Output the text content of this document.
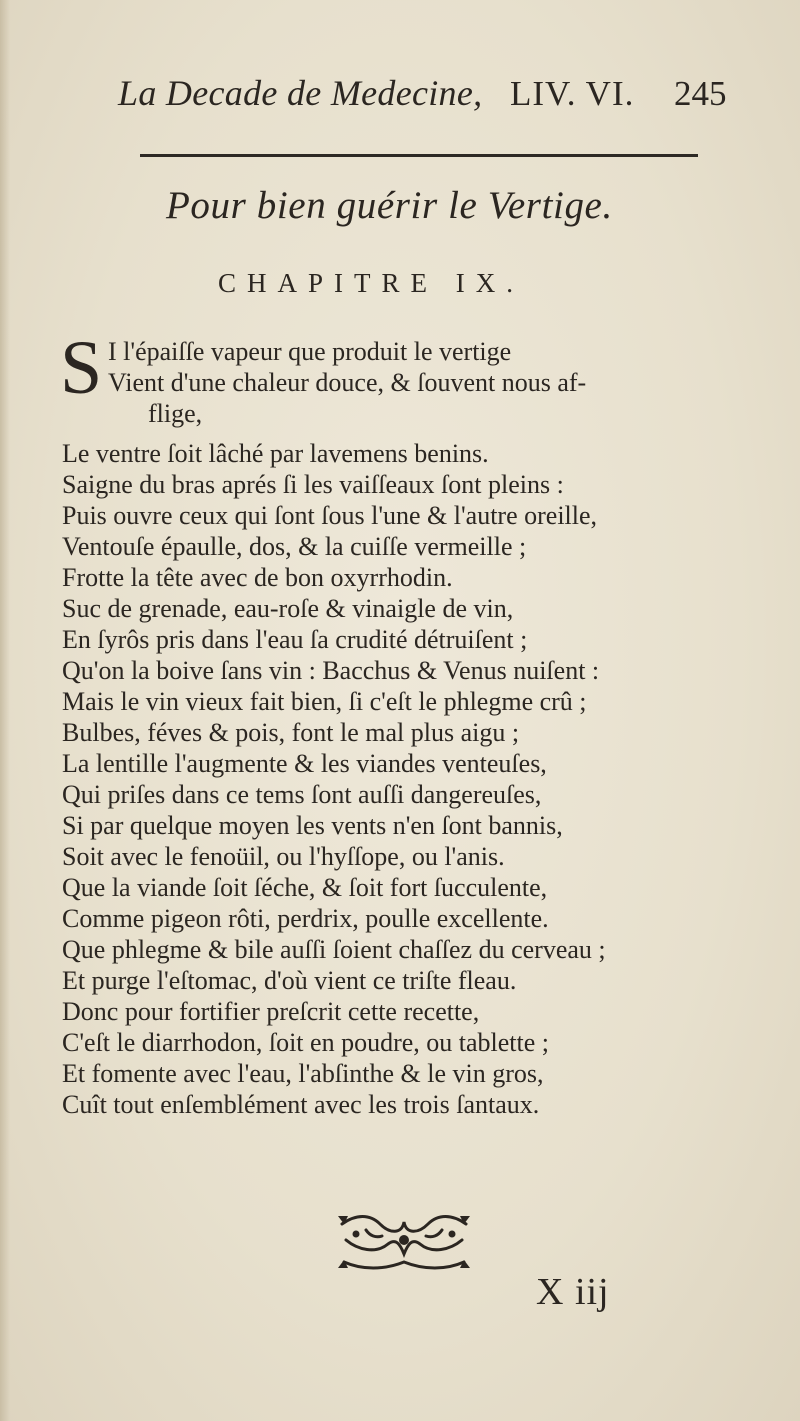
La Decade de Medecine, LIV. VI. 245
Pour bien guérir le Vertige.
CHAPITRE IX.
S I l'épaiſſe vapeur que produit le vertige

Vient d'une chaleur douce, & ſouvent nous af-

flige,

Le ventre ſoit lâché par lavemens benins.

Saigne du bras aprés ſi les vaiſſeaux ſont pleins :

Puis ouvre ceux qui ſont ſous l'une & l'autre oreille,

Ventouſe épaulle, dos, & la cuiſſe vermeille ;

Frotte la tête avec de bon oxyrrhodin.

Suc de grenade, eau-roſe & vinaigle de vin,

En ſyrôs pris dans l'eau ſa crudité détruiſent ;

Qu'on la boive ſans vin : Bacchus & Venus nuiſent :

Mais le vin vieux fait bien, ſi c'eſt le phlegme crû ;

Bulbes, féves & pois, font le mal plus aigu ;

La lentille l'augmente & les viandes venteuſes,

Qui priſes dans ce tems ſont auſſi dangereuſes,

Si par quelque moyen les vents n'en ſont bannis,

Soit avec le fenoüil, ou l'hyſſope, ou l'anis.

Que la viande ſoit ſéche, & ſoit fort ſucculente,

Comme pigeon rôti, perdrix, poulle excellente.

Que phlegme & bile auſſi ſoient chaſſez du cerveau ;

Et purge l'eſtomac, d'où vient ce triſte fleau.

Donc pour fortifier preſcrit cette recette,

C'eſt le diarrhodon, ſoit en poudre, ou tablette ;

Et fomente avec l'eau, l'abſinthe & le vin gros,

Cuît tout enſemblément avec les trois ſantaux.

X iij
